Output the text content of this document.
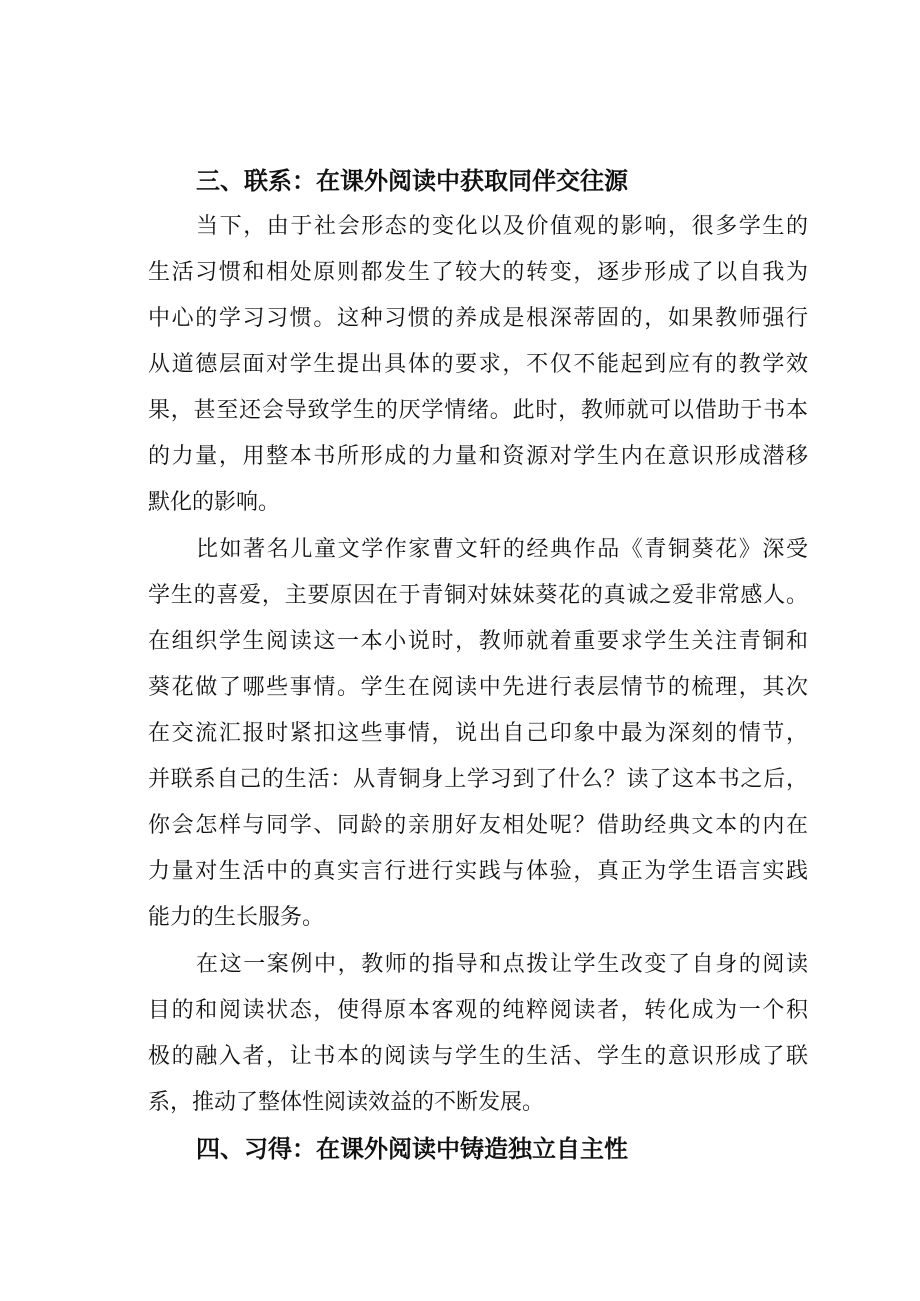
三、联系：在课外阅读中获取同伴交往源
当下，由于社会形态的变化以及价值观的影响，很多学生的
生活习惯和相处原则都发生了较大的转变，逐步形成了以自我为
中心的学习习惯。这种习惯的养成是根深蒂固的，如果教师强行
从道德层面对学生提出具体的要求，不仅不能起到应有的教学效
果，甚至还会导致学生的厌学情绪。此时，教师就可以借助于书本
的力量，用整本书所形成的力量和资源对学生内在意识形成潜移
默化的影响。
比如著名儿童文学作家曹文轩的经典作品《青铜葵花》深受
学生的喜爱，主要原因在于青铜对妹妹葵花的真诚之爱非常感人。
在组织学生阅读这一本小说时，教师就着重要求学生关注青铜和
葵花做了哪些事情。学生在阅读中先进行表层情节的梳理，其次
在交流汇报时紧扣这些事情，说出自己印象中最为深刻的情节，
并联系自己的生活：从青铜身上学习到了什么？读了这本书之后，
你会怎样与同学、同龄的亲朋好友相处呢？借助经典文本的内在
力量对生活中的真实言行进行实践与体验，真正为学生语言实践
能力的生长服务。
在这一案例中，教师的指导和点拨让学生改变了自身的阅读
目的和阅读状态，使得原本客观的纯粹阅读者，转化成为一个积
极的融入者，让书本的阅读与学生的生活、学生的意识形成了联
系，推动了整体性阅读效益的不断发展。
四、习得：在课外阅读中铸造独立自主性
